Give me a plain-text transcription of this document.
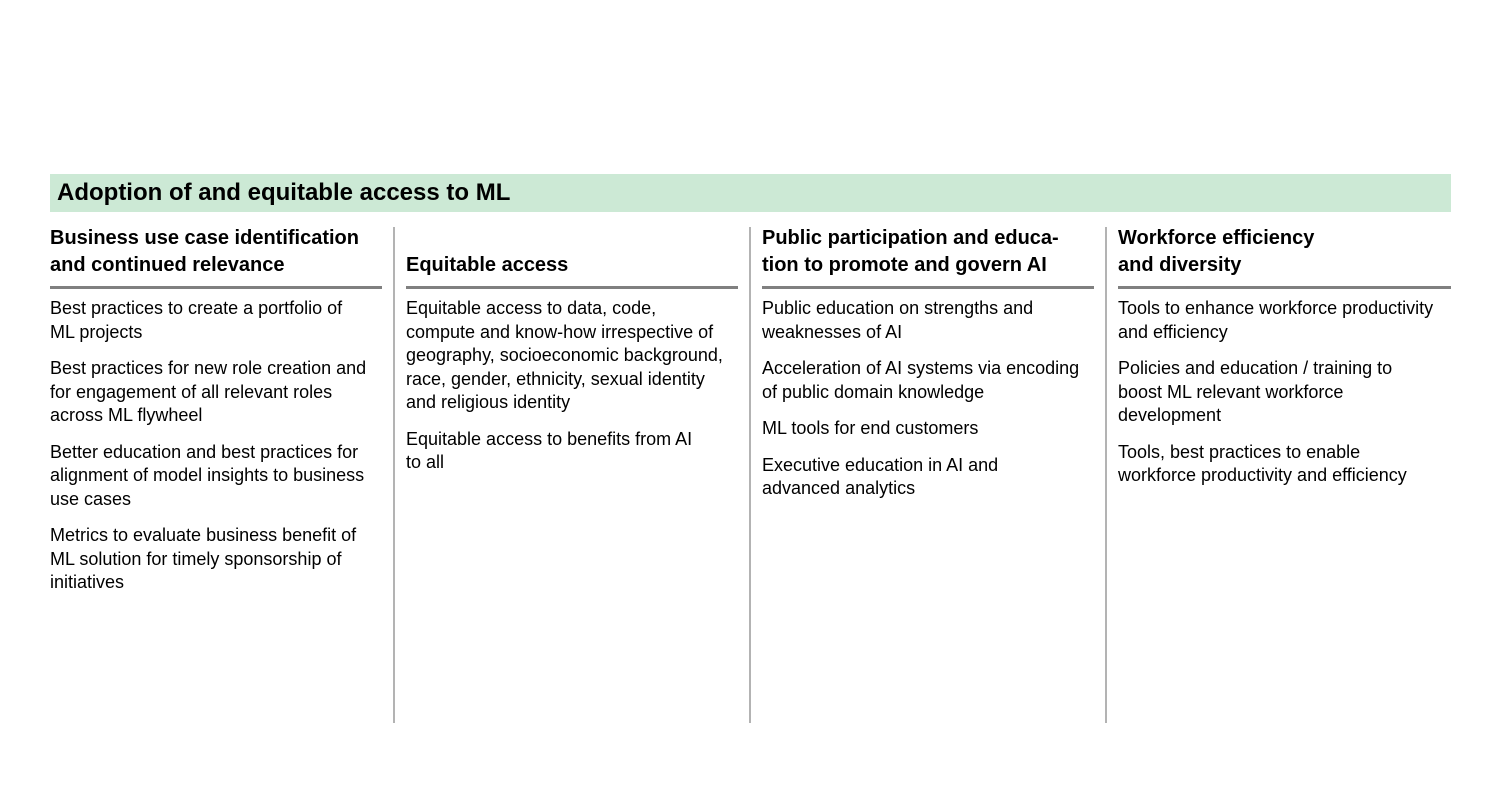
Adoption of and equitable access to ML
Business use case identification
and continued relevance
Best practices to create a portfolio of
ML projects
Best practices for new role creation and
for engagement of all relevant roles
across ML flywheel
Better education and best practices for
alignment of model insights to business
use cases
Metrics to evaluate business benefit of
ML solution for timely sponsorship of
initiatives
Equitable access
Equitable access to data, code,
compute and know-how irrespective of
geography, socioeconomic background,
race, gender, ethnicity, sexual identity
and religious identity
Equitable access to benefits from AI
to all
Public participation and educa-
tion to promote and govern AI
Public education on strengths and
weaknesses of AI
Acceleration of AI systems via encoding
of public domain knowledge
ML tools for end customers
Executive education in AI and
advanced analytics
Workforce efficiency
and diversity
Tools to enhance workforce productivity
and efficiency
Policies and education / training to
boost ML relevant workforce
development
Tools, best practices to enable
workforce productivity and efficiency
